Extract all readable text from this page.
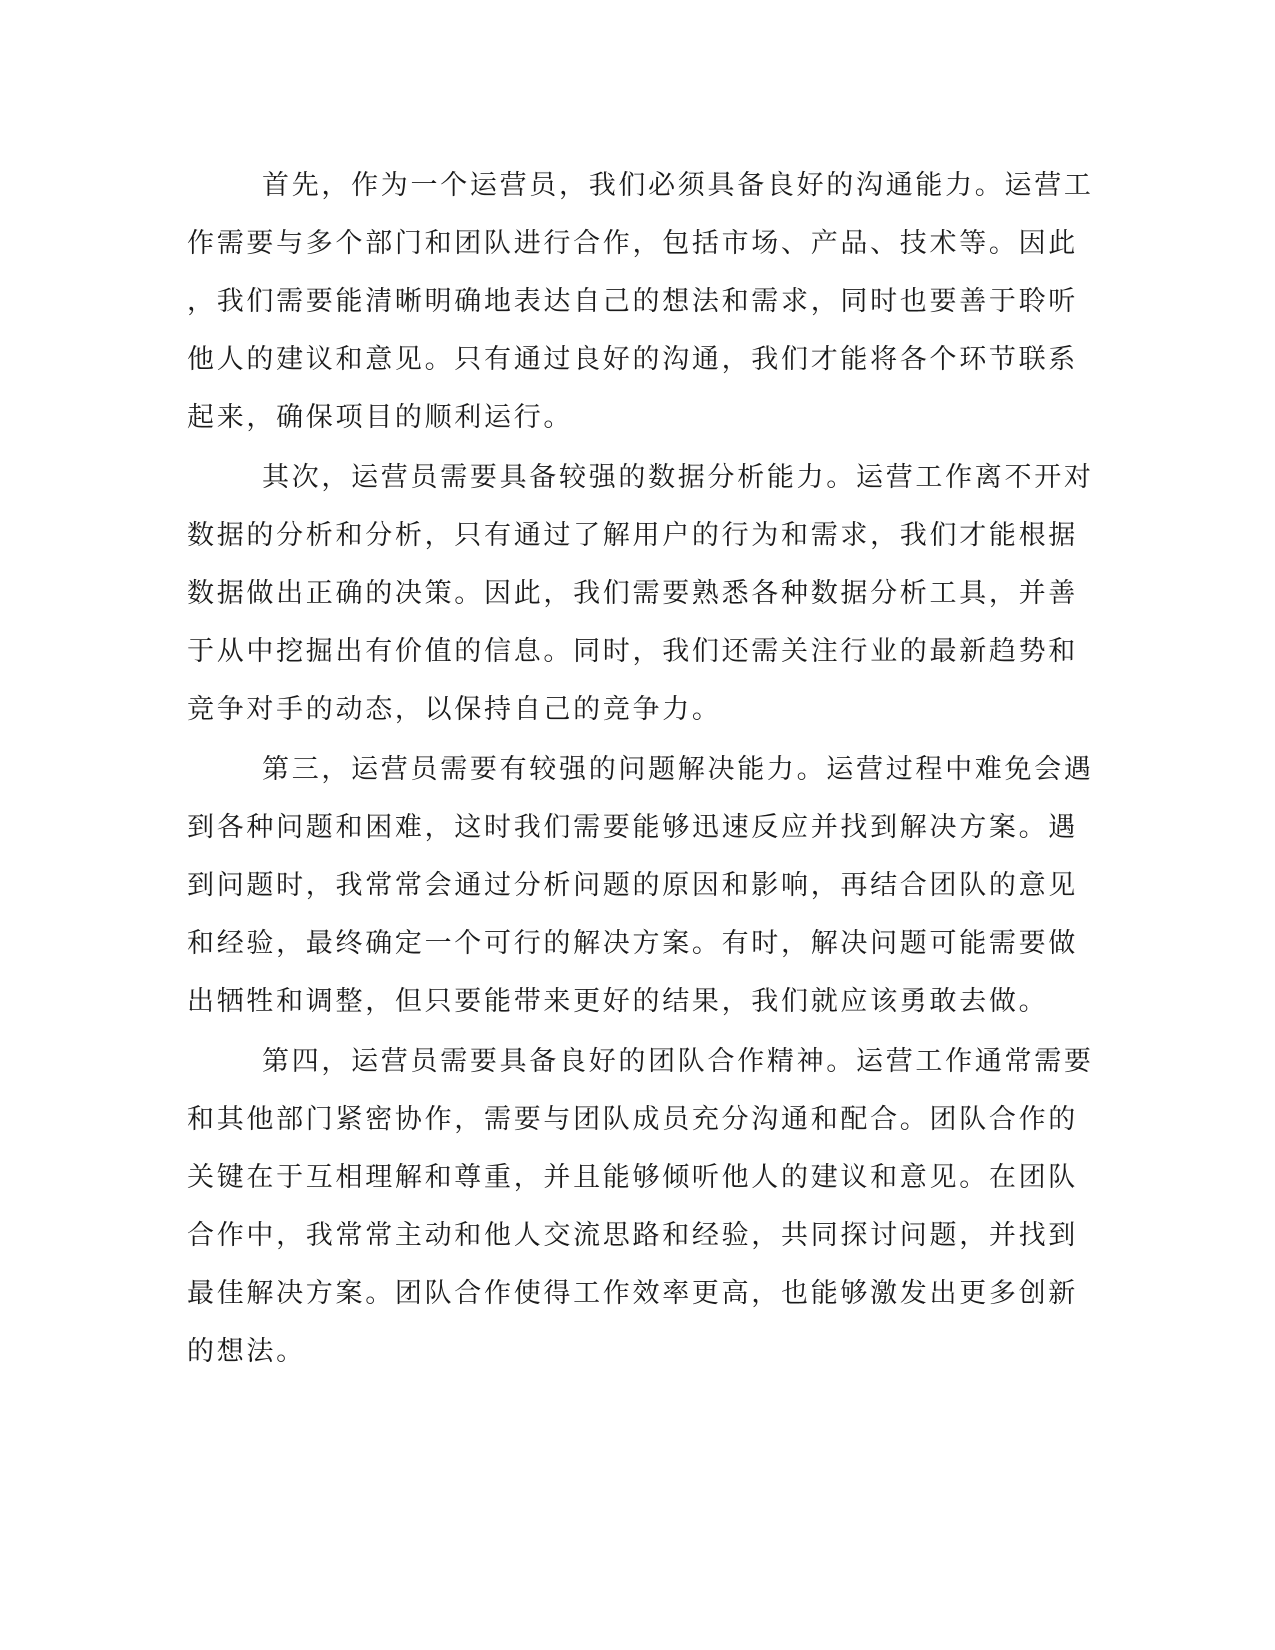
首先，作为一个运营员，我们必须具备良好的沟通能力。运营工

作需要与多个部门和团队进行合作，包括市场、产品、技术等。因此

，我们需要能清晰明确地表达自己的想法和需求，同时也要善于聆听

他人的建议和意见。只有通过良好的沟通，我们才能将各个环节联系

起来，确保项目的顺利运行。

其次，运营员需要具备较强的数据分析能力。运营工作离不开对

数据的分析和分析，只有通过了解用户的行为和需求，我们才能根据

数据做出正确的决策。因此，我们需要熟悉各种数据分析工具，并善

于从中挖掘出有价值的信息。同时，我们还需关注行业的最新趋势和

竞争对手的动态，以保持自己的竞争力。

第三，运营员需要有较强的问题解决能力。运营过程中难免会遇

到各种问题和困难，这时我们需要能够迅速反应并找到解决方案。遇

到问题时，我常常会通过分析问题的原因和影响，再结合团队的意见

和经验，最终确定一个可行的解决方案。有时，解决问题可能需要做

出牺牲和调整，但只要能带来更好的结果，我们就应该勇敢去做。

第四，运营员需要具备良好的团队合作精神。运营工作通常需要

和其他部门紧密协作，需要与团队成员充分沟通和配合。团队合作的

关键在于互相理解和尊重，并且能够倾听他人的建议和意见。在团队

合作中，我常常主动和他人交流思路和经验，共同探讨问题，并找到

最佳解决方案。团队合作使得工作效率更高，也能够激发出更多创新

的想法。
